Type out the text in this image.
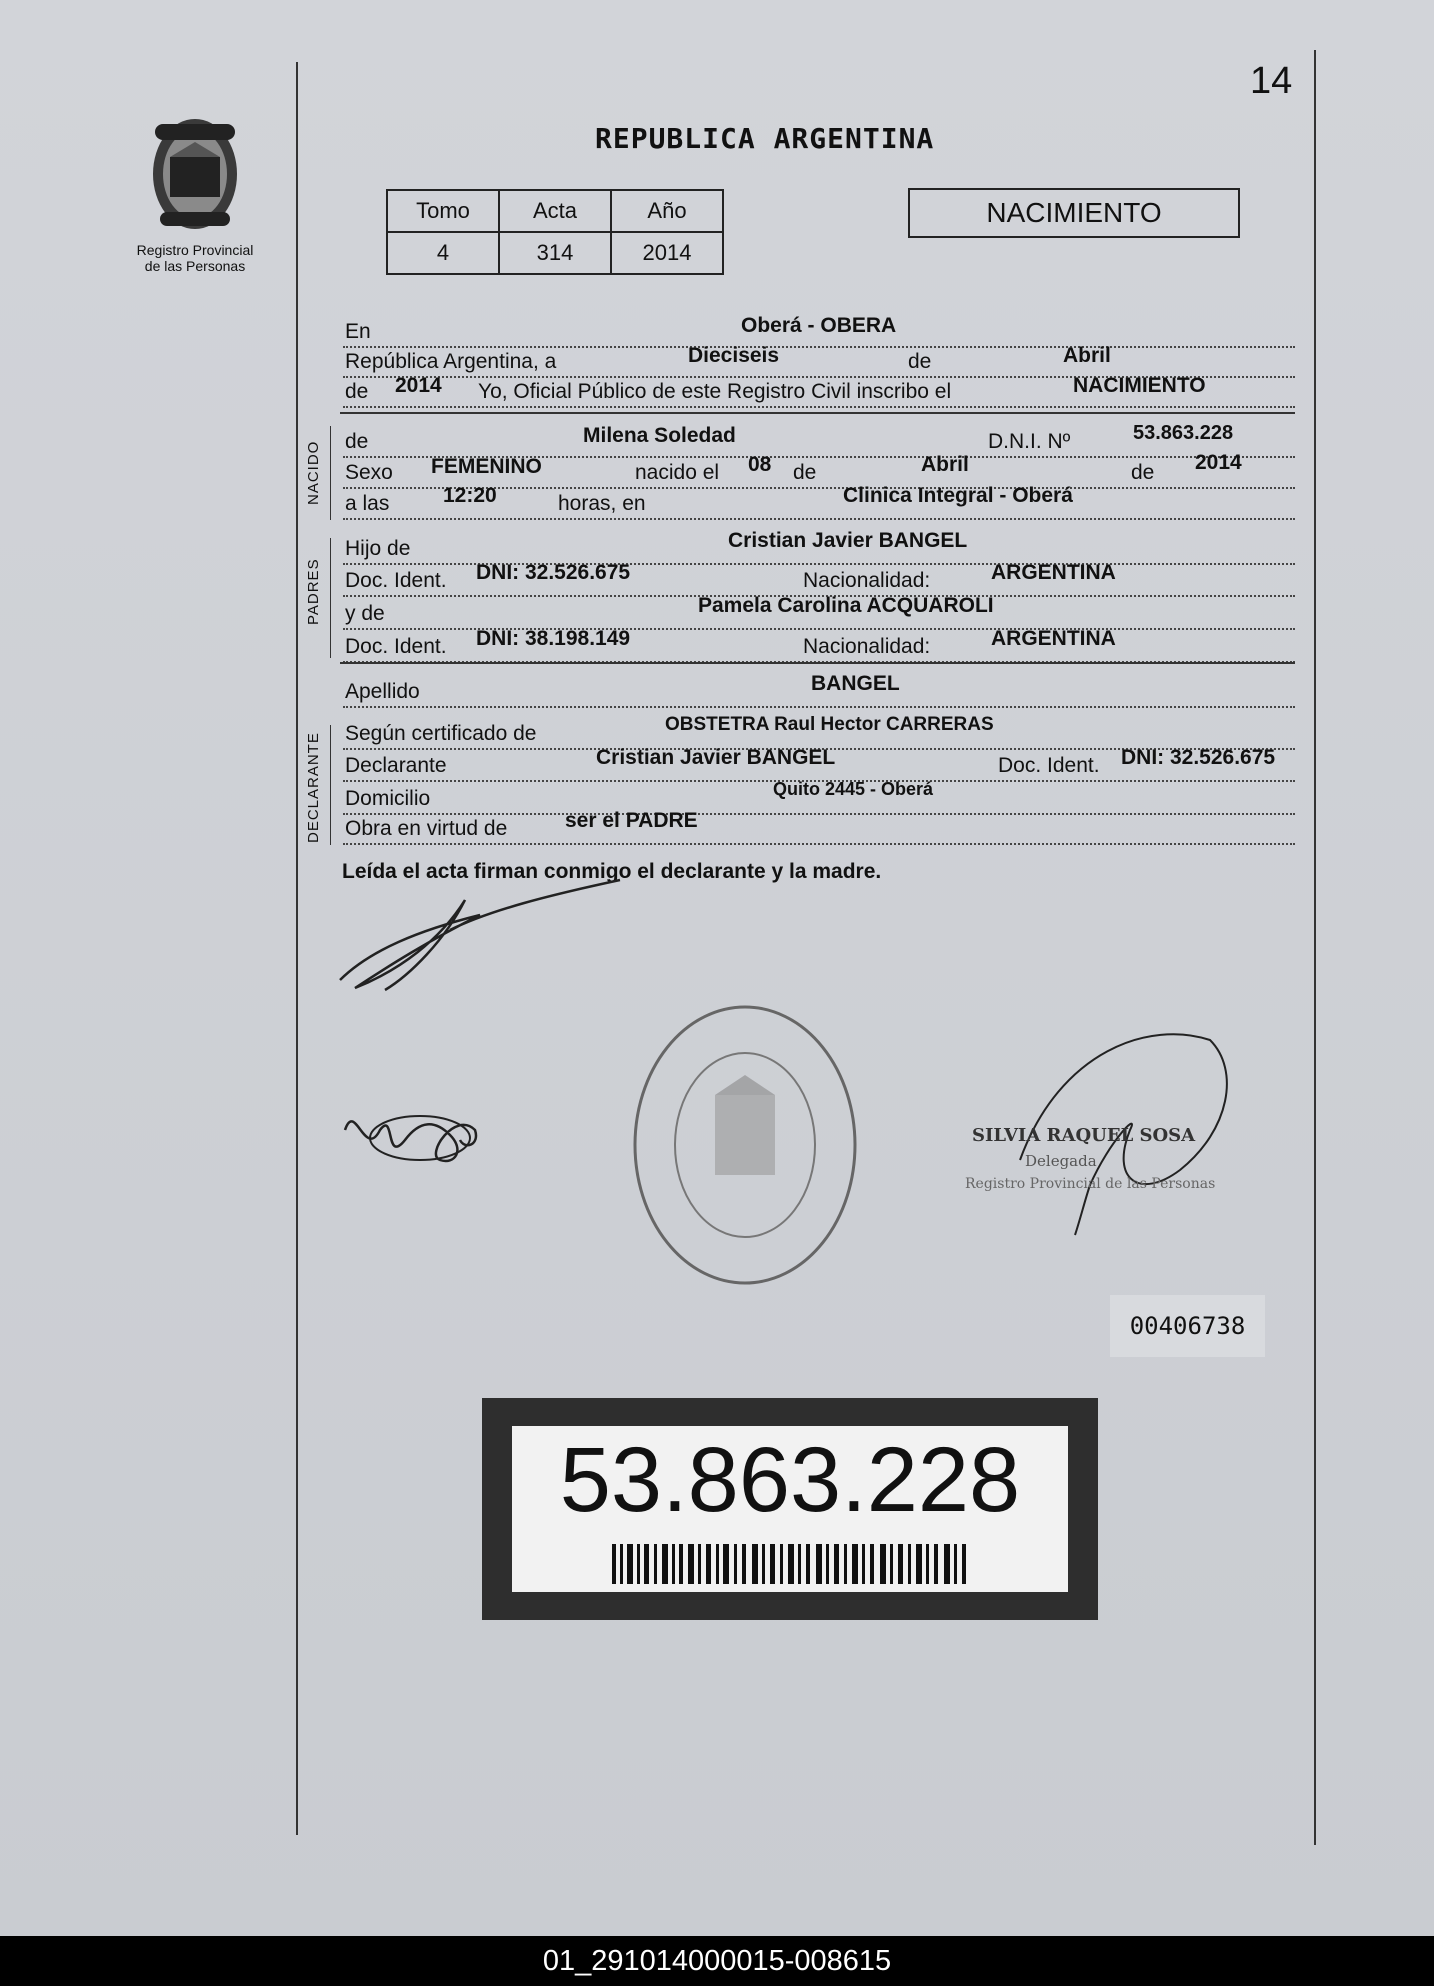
14
REPUBLICA ARGENTINA
Registro Provincial
de las Personas
Tomo	Acta	Año
4	314	2014
NACIMIENTO
En	Oberá - OBERA
República Argentina, a	Dieciseis	de	Abril
de 2014 Yo, Oficial Público de este Registro Civil inscribo el	NACIMIENTO
NACIDO de	Milena Soledad	D.N.I. Nº	53.863.228
Sexo FEMENINO	nacido el 08 de	Abril	de 2014
a las	12:20	horas, en	Clinica Integral - Oberá
PADRES
Hijo de	Cristian Javier BANGEL
Doc. Ident. DNI: 32.526.675	Nacionalidad:	ARGENTINA
y de	Pamela Carolina ACQUAROLI
Doc. Ident. DNI: 38.198.149	Nacionalidad:	ARGENTINA
Apellido	BANGEL
DECLARANTE Según certificado de	OBSTETRA Raul Hector CARRERAS
Declarante	Cristian Javier BANGEL	Doc. Ident. DNI: 32.526.675
Domicilio	Quito 2445 - Oberá
Obra en virtud de	ser el PADRE
Leída el acta firman conmigo el declarante y la madre.
SILVIA RAQUEL SOSA
Delegada
Registro Provincial de las Personas
00406738
53.863.228
01_291014000015-008615
